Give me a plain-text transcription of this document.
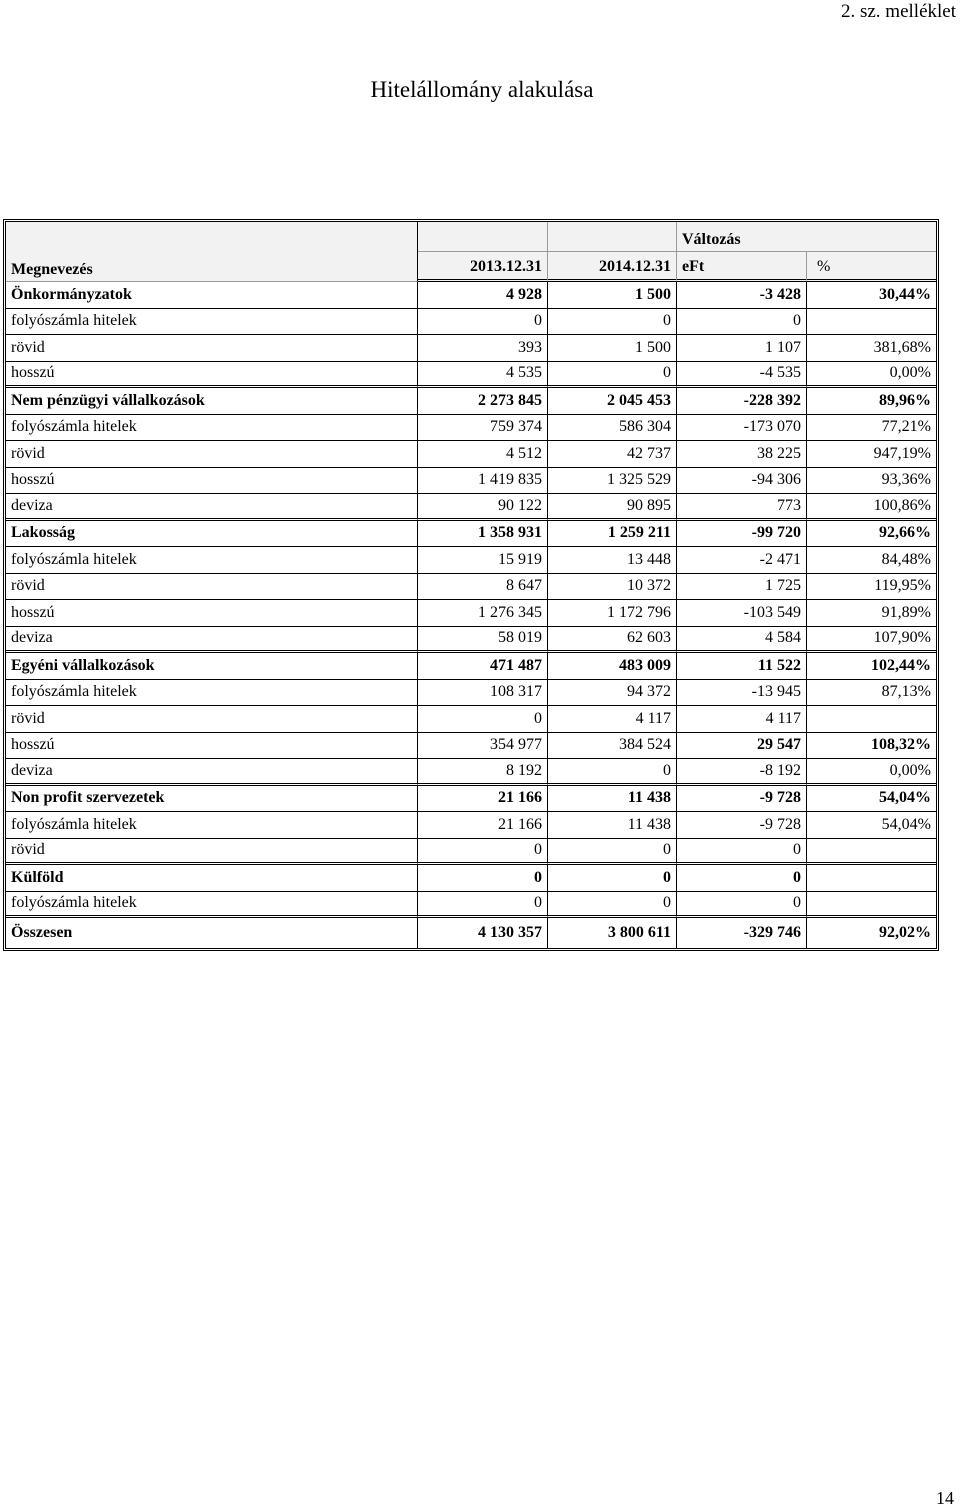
2. sz. melléklet
Hitelállomány alakulása
Megnevezés			Változás	
	2013.12.31	2014.12.31	eFt	%
Önkormányzatok	4 928	1 500	-3 428	30,44%
folyószámla hitelek	0	0	0	
rövid	393	1 500	1 107	381,68%
hosszú	4 535	0	-4 535	0,00%
Nem pénzügyi vállalkozások	2 273 845	2 045 453	-228 392	89,96%
folyószámla hitelek	759 374	586 304	-173 070	77,21%
rövid	4 512	42 737	38 225	947,19%
hosszú	1 419 835	1 325 529	-94 306	93,36%
deviza	90 122	90 895	773	100,86%
Lakosság	1 358 931	1 259 211	-99 720	92,66%
folyószámla hitelek	15 919	13 448	-2 471	84,48%
rövid	8 647	10 372	1 725	119,95%
hosszú	1 276 345	1 172 796	-103 549	91,89%
deviza	58 019	62 603	4 584	107,90%
Egyéni vállalkozások	471 487	483 009	11 522	102,44%
folyószámla hitelek	108 317	94 372	-13 945	87,13%
rövid	0	4 117	4 117	
hosszú	354 977	384 524	29 547	108,32%
deviza	8 192	0	-8 192	0,00%
Non profit szervezetek	21 166	11 438	-9 728	54,04%
folyószámla hitelek	21 166	11 438	-9 728	54,04%
rövid	0	0	0	
Külföld	0	0	0	
folyószámla hitelek	0	0	0	
Összesen	4 130 357	3 800 611	-329 746	92,02%
14
